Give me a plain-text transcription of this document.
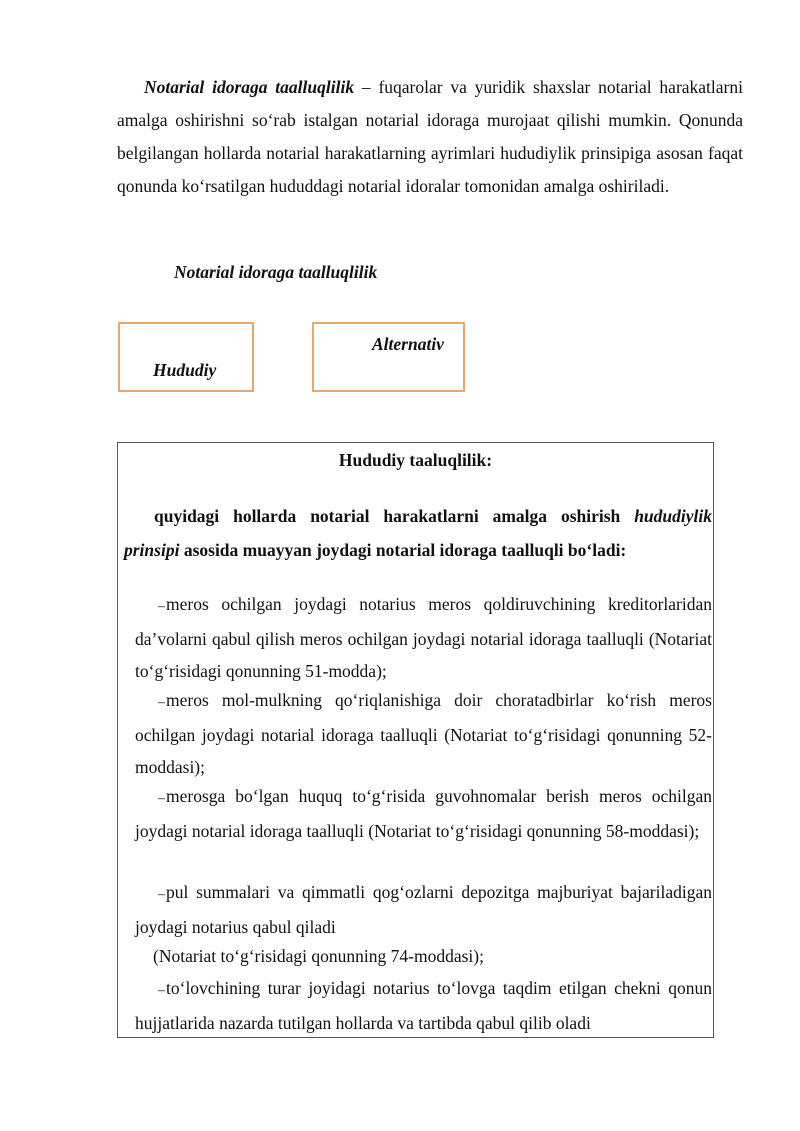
Notarial idoraga taalluqlilik – fuqarolar va yuridik shaxslar notarial harakatlarni amalga oshirishni so‘rab istalgan notarial idoraga murojaat qilishi mumkin. Qonunda belgilangan hollarda notarial harakatlarning ayrimlari hududiylik prinsipiga asosan faqat qonunda ko‘rsatilgan hududdagi notarial idoralar tomonidan amalga oshiriladi.

Notarial idoraga taalluqlilik

Hududiy
Alternativ

Hududiy taaluqlilik:

quyidagi hollarda notarial harakatlarni amalga oshirish hududiylik prinsipi asosida muayyan joydagi notarial idoraga taalluqli bo‘ladi:

–meros ochilgan joydagi notarius meros qoldiruvchining kreditorlaridan da’volarni qabul qilish meros ochilgan joydagi notarial idoraga taalluqli (Notariat to‘g‘risidagi qonunning 51-modda);

–meros mol-mulkning qo‘riqlanishiga doir choratadbirlar ko‘rish meros ochilgan joydagi notarial idoraga taalluqli (Notariat to‘g‘risidagi qonunning 52-moddasi);

–merosga bo‘lgan huquq to‘g‘risida guvohnomalar berish meros ochilgan joydagi notarial idoraga taalluqli (Notariat to‘g‘risidagi qonunning 58-moddasi);

–pul summalari va qimmatli qog‘ozlarni depozitga majburiyat bajariladigan joydagi notarius qabul qiladi

(Notariat to‘g‘risidagi qonunning 74-moddasi);

–to‘lovchining turar joyidagi notarius to‘lovga taqdim etilgan chekni qonun hujjatlarida nazarda tutilgan hollarda va tartibda qabul qilib oladi
